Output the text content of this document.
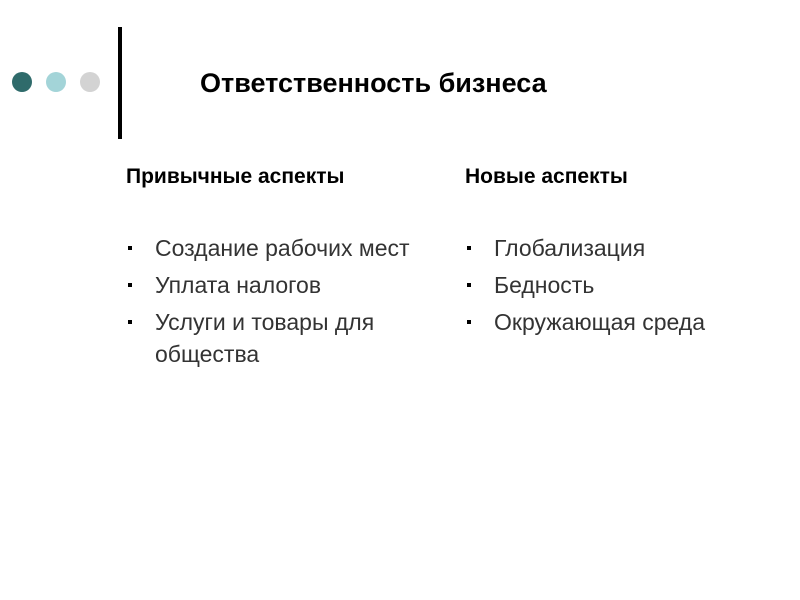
Ответственность бизнеса
Привычные аспекты
Создание рабочих мест
Уплата налогов
Услуги и товары для общества
Новые аспекты
Глобализация
Бедность
Окружающая среда
